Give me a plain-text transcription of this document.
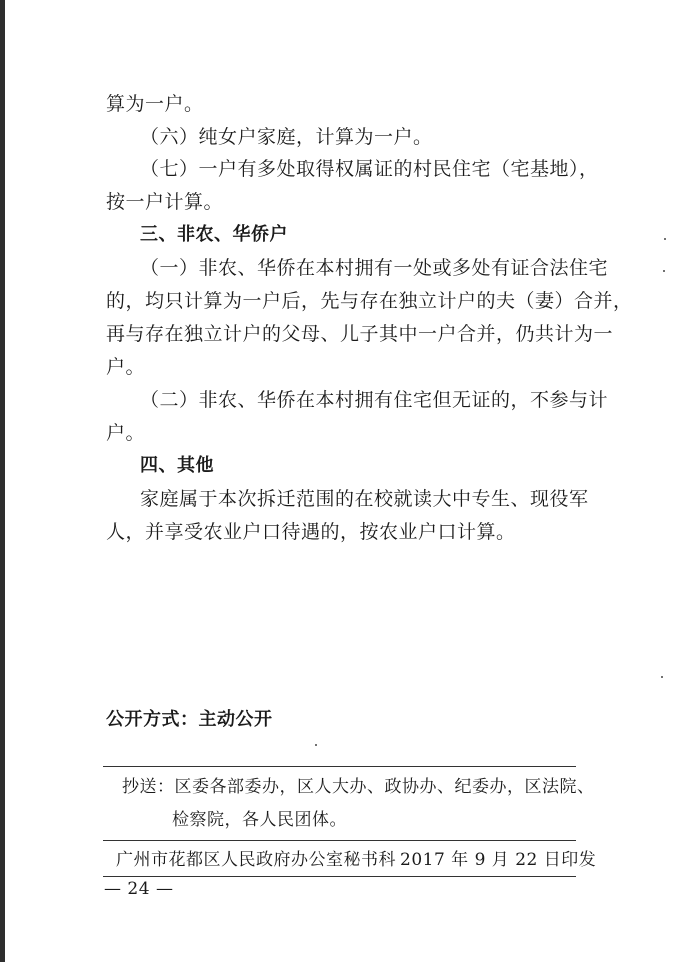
算为一户。
（六）纯女户家庭，计算为一户。
（七）一户有多处取得权属证的村民住宅（宅基地），
按一户计算。
三、非农、华侨户
（一）非农、华侨在本村拥有一处或多处有证合法住宅
的，均只计算为一户后，先与存在独立计户的夫（妻）合并，
再与存在独立计户的父母、儿子其中一户合并，仍共计为一
户。
（二）非农、华侨在本村拥有住宅但无证的，不参与计
户。
四、其他
家庭属于本次拆迁范围的在校就读大中专生、现役军
人，并享受农业户口待遇的，按农业户口计算。
公开方式：主动公开
抄送：区委各部委办，区人大办、政协办、纪委办，区法院、
检察院，各人民团体。
广州市花都区人民政府办公室秘书科 2017 年 9 月 22 日印发
— 24 —
